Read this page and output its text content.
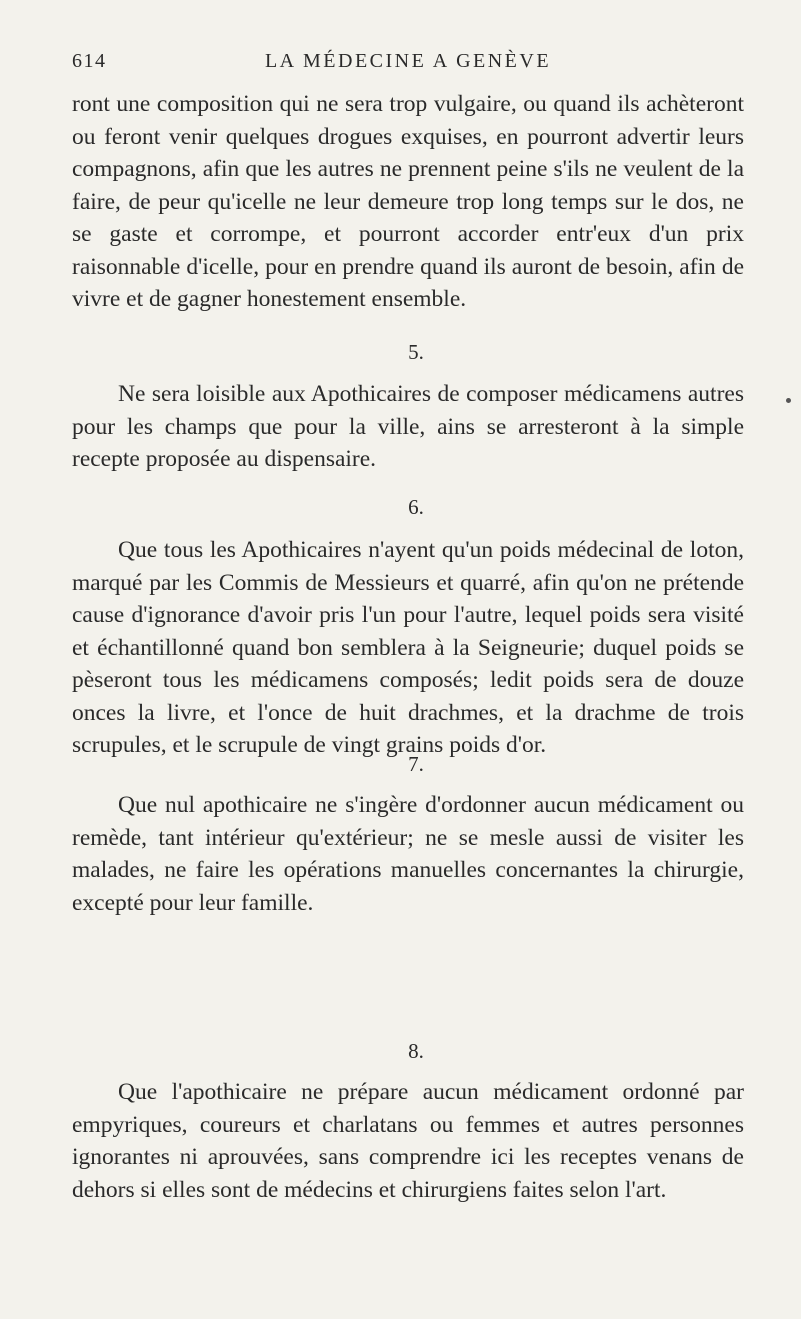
614	LA MÉDECINE A GENÈVE

ront une composition qui ne sera trop vulgaire, ou quand ils achèteront ou feront venir quelques drogues exquises, en pourront advertir leurs compagnons, afin que les autres ne prennent peine s'ils ne veulent de la faire, de peur qu'icelle ne leur demeure trop long temps sur le dos, ne se gaste et corrompe, et pourront accorder entr'eux d'un prix raisonnable d'icelle, pour en prendre quand ils auront de besoin, afin de vivre et de gagner honestement ensemble.

5.

Ne sera loisible aux Apothicaires de composer médicamens autres pour les champs que pour la ville, ains se arresteront à la simple recepte proposée au dispensaire.

6.

Que tous les Apothicaires n'ayent qu'un poids médecinal de loton, marqué par les Commis de Messieurs et quarré, afin qu'on ne prétende cause d'ignorance d'avoir pris l'un pour l'autre, lequel poids sera visité et échantillonné quand bon semblera à la Seigneurie; duquel poids se pèseront tous les médicamens composés; ledit poids sera de douze onces la livre, et l'once de huit drachmes, et la drachme de trois scrupules, et le scrupule de vingt grains poids d'or.

7.

Que nul apothicaire ne s'ingère d'ordonner aucun médicament ou remède, tant intérieur qu'extérieur; ne se mesle aussi de visiter les malades, ne faire les opérations manuelles concernantes la chirurgie, excepté pour leur famille.

8.

Que l'apothicaire ne prépare aucun médicament ordonné par empyriques, coureurs et charlatans ou femmes et autres personnes ignorantes ni aprouvées, sans comprendre ici les receptes venans de dehors si elles sont de médecins et chirurgiens faites selon l'art.
